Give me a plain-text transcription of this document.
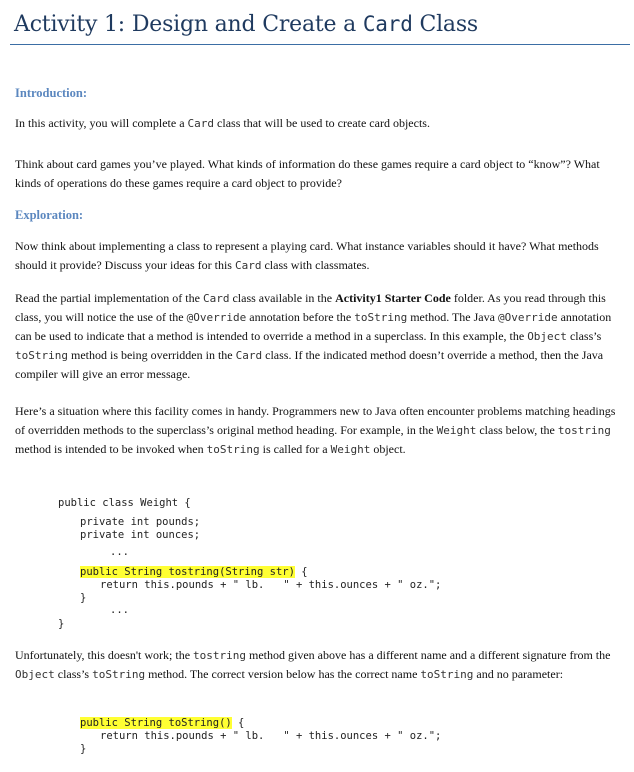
Activity 1: Design and Create a Card Class
Introduction:
In this activity, you will complete a Card class that will be used to create card objects.
Think about card games you’ve played. What kinds of information do these games require a card object to “know”? What kinds of operations do these games require a card object to provide?
Exploration:
Now think about implementing a class to represent a playing card. What instance variables should it have? What methods should it provide? Discuss your ideas for this Card class with classmates.
Read the partial implementation of the Card class available in the Activity1 Starter Code folder. As you read through this class, you will notice the use of the @Override annotation before the toString method. The Java @Override annotation can be used to indicate that a method is intended to override a method in a superclass. In this example, the Object class’s toString method is being overridden in the Card class. If the indicated method doesn’t override a method, then the Java compiler will give an error message.
Here’s a situation where this facility comes in handy. Programmers new to Java often encounter problems matching headings of overridden methods to the superclass’s original method heading. For example, in the Weight class below, the tostring method is intended to be invoked when toString is called for a Weight object.
public class Weight {
private int pounds;
private int ounces;
...
public String tostring(String str) {
return this.pounds + " lb.   " + this.ounces + " oz.";
}
...
}
Unfortunately, this doesn't work; the tostring method given above has a different name and a different signature from the Object class’s toString method. The correct version below has the correct name toString and no parameter:
public String toString() {
return this.pounds + " lb.   " + this.ounces + " oz.";
}
